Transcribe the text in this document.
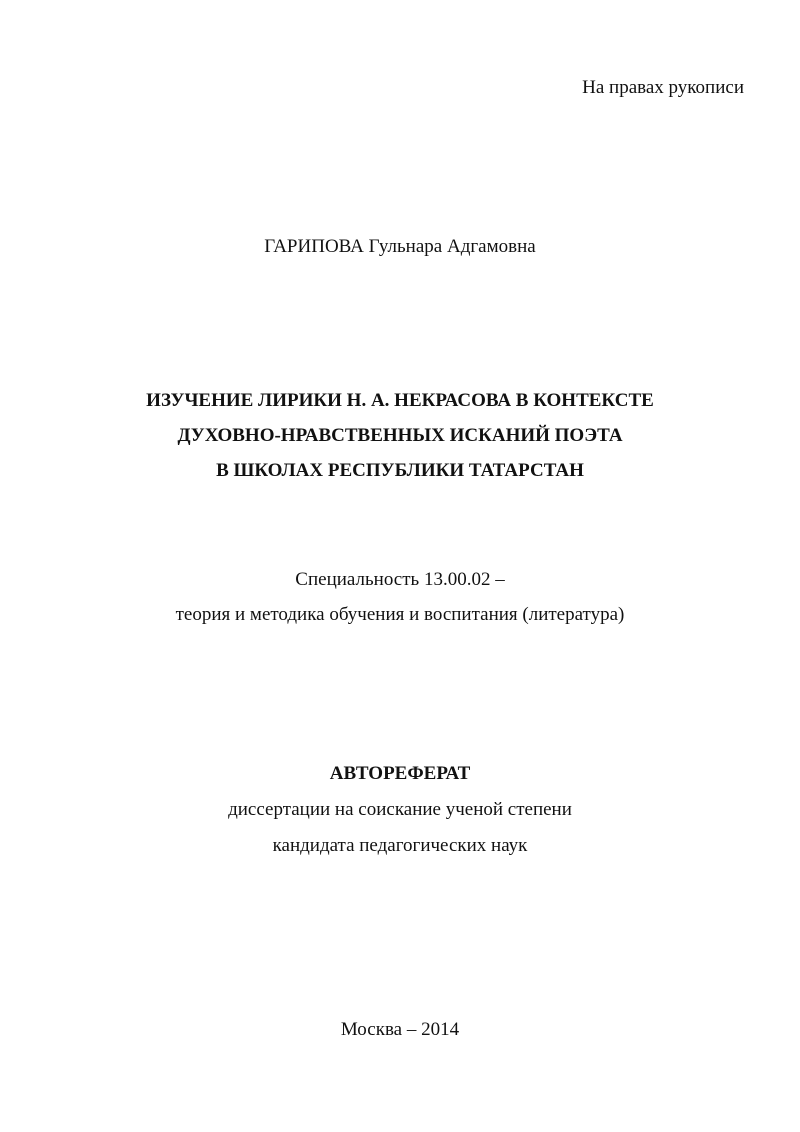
На правах рукописи
ГАРИПОВА Гульнара Адгамовна
ИЗУЧЕНИЕ ЛИРИКИ Н. А. НЕКРАСОВА В КОНТЕКСТЕ
ДУХОВНО-НРАВСТВЕННЫХ ИСКАНИЙ ПОЭТА
В ШКОЛАХ РЕСПУБЛИКИ ТАТАРСТАН
Специальность 13.00.02 –
теория и методика обучения и воспитания (литература)
АВТОРЕФЕРАТ
диссертации на соискание ученой степени
кандидата педагогических наук
Москва – 2014
